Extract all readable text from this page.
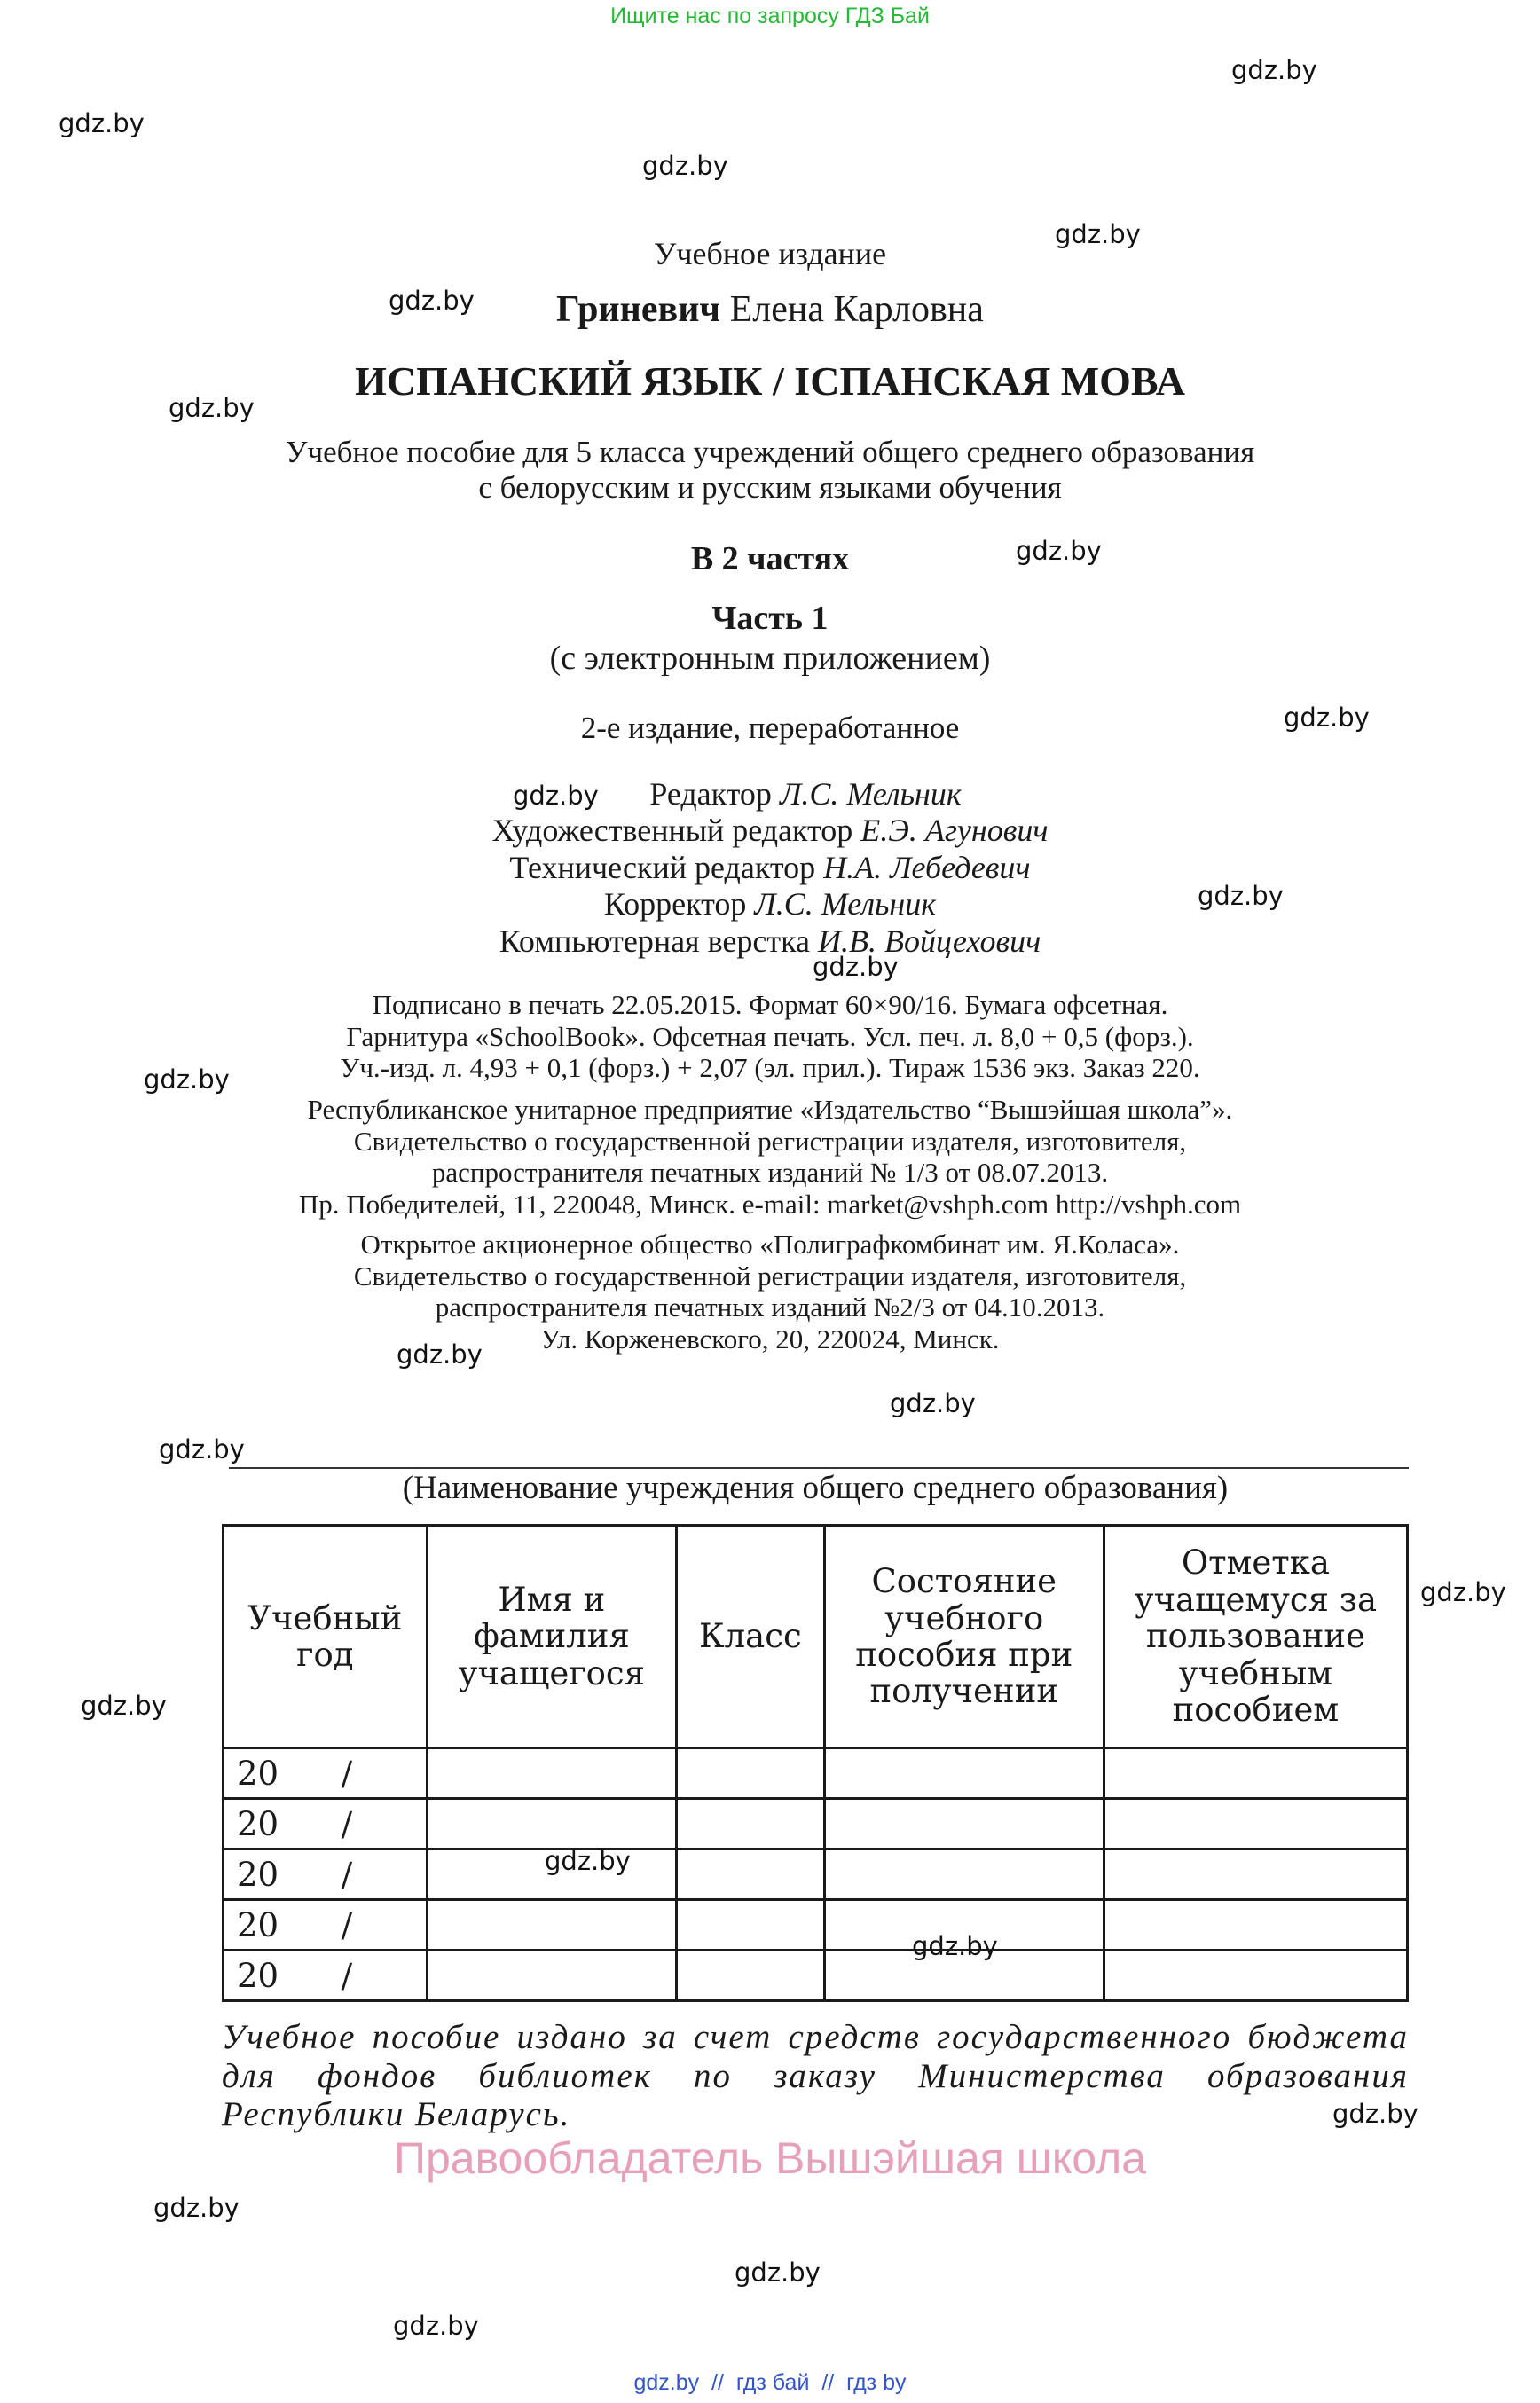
Ищите нас по запросу ГДЗ Бай
gdz.by
gdz.by
gdz.by
gdz.by
gdz.by
gdz.by
gdz.by
gdz.by
gdz.by
gdz.by
gdz.by
gdz.by
gdz.by
gdz.by
gdz.by
gdz.by
gdz.by
gdz.by
gdz.by
gdz.by
gdz.by
gdz.by
gdz.by
Учебное издание
Гриневич Елена Карловна
ИСПАНСКИЙ ЯЗЫК / ІСПАНСКАЯ МОВА
Учебное пособие для 5 класса учреждений общего среднего образования
с белорусским и русским языками обучения
В 2 частях
Часть 1
(с электронным приложением)
2-е издание, переработанное
Редактор Л.С. Мельник
Художественный редактор Е.Э. Агунович
Технический редактор Н.А. Лебедевич
Корректор Л.С. Мельник
Компьютерная верстка И.В. Войцехович
Подписано в печать 22.05.2015. Формат 60×90/16. Бумага офсетная.
Гарнитура «SchoolBook». Офсетная печать. Усл. печ. л. 8,0 + 0,5 (форз.).
Уч.-изд. л. 4,93 + 0,1 (форз.) + 2,07 (эл. прил.). Тираж 1536 экз. Заказ 220.
Республиканское унитарное предприятие «Издательство “Вышэйшая школа”».
Свидетельство о государственной регистрации издателя, изготовителя,
распространителя печатных изданий № 1/3 от 08.07.2013.
Пр. Победителей, 11, 220048, Минск. e-mail: market@vshph.com http://vshph.com
Открытое акционерное общество «Полиграфкомбинат им. Я.Коласа».
Свидетельство о государственной регистрации издателя, изготовителя,
распространителя печатных изданий №2/3 от 04.10.2013.
Ул. Корженевского, 20, 220024, Минск.
(Наименование учреждения общего среднего образования)
Учебный год	Имя и фамилия учащегося	Класс	Состояние учебного пособия при получении	Отметка учащемуся за пользование учебным пособием
20      /				
20      /				
20      /				
20      /				
20      /				
Учебное пособие издано за счет средств государственного бюджета для фондов библиотек по заказу Министерства образования Республики Беларусь.
Правообладатель Вышэйшая школа
gdz.by  //  гдз бай  //  гдз by
